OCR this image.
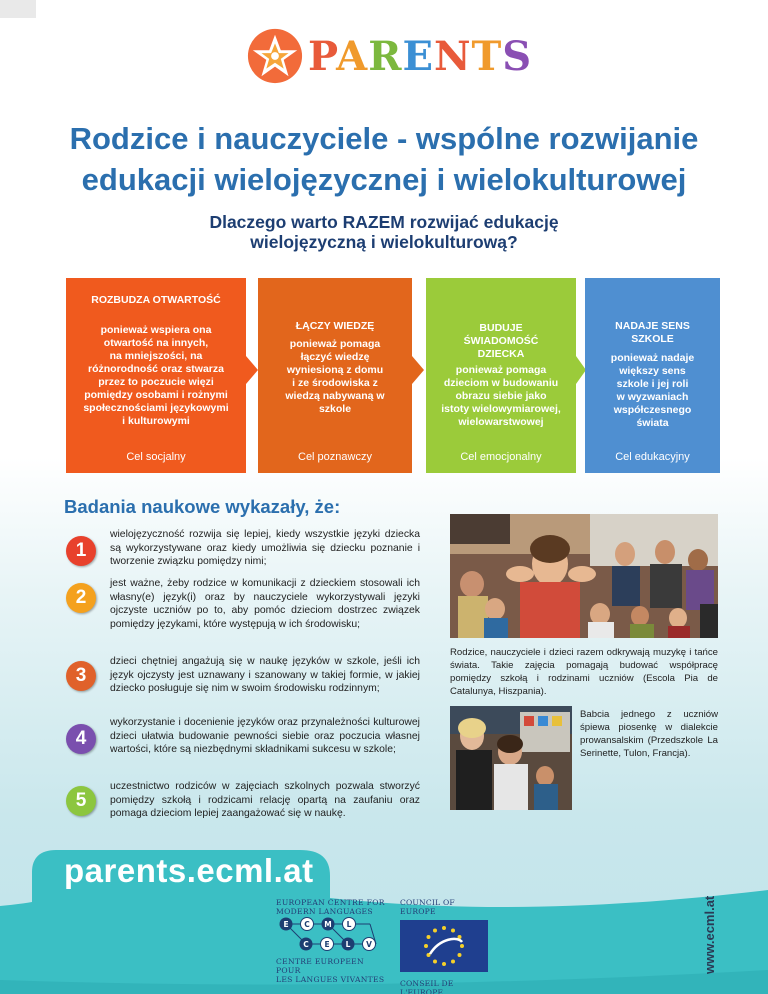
PARENTS
Rodzice i nauczyciele - wspólne rozwijanie
edukacji wielojęzycznej i wielokulturowej
Dlaczego warto RAZEM rozwijać edukację
wielojęzyczną i wielokulturową?
ROZBUDZA OTWARTOŚĆ
ponieważ wspiera ona
otwartość na innych,
na mniejszości, na
różnorodność oraz stwarza
przez to poczucie więzi
pomiędzy osobami i rożnymi
społecznościami językowymi
i kulturowymi
Cel socjalny
ŁĄCZY WIEDZĘ
ponieważ pomaga
łączyć wiedzę
wyniesioną z domu
i ze środowiska z
wiedzą nabywaną w
szkole
Cel poznawczy
BUDUJE
ŚWIADOMOŚĆ
DZIECKA
ponieważ pomaga
dzieciom w budowaniu
obrazu siebie jako
istoty wielowymiarowej,
wielowarstwowej
Cel emocjonalny
NADAJE SENS
SZKOLE
ponieważ nadaje
większy sens
szkole i jej roli
w wyzwaniach
współczesnego
świata
Cel edukacyjny
Badania naukowe wykazały, że:
1
wielojęzyczność rozwija się lepiej, kiedy wszystkie języki dziecka są wykorzystywane oraz kiedy umożliwia się dziecku poznanie i tworzenie związku pomiędzy nimi;
2
jest ważne, żeby rodzice w komunikacji z dzieckiem stosowali ich własny(e) język(i) oraz by nauczyciele wykorzystywali języki ojczyste uczniów po to, aby pomóc dzieciom dostrzec związek pomiędzy językami, które występują w ich środowisku;
3
dzieci chętniej angażują się w naukę języków w szkole, jeśli ich język ojczysty jest uznawany i szanowany w takiej formie, w jakiej dziecko posługuje się nim w swoim środowisku rodzinnym;
4
wykorzystanie i docenienie języków oraz przynależności kulturowej dzieci ułatwia budowanie pewności siebie oraz poczucia własnej wartości, które są niezbędnymi składnikami sukcesu w szkole;
5
uczestnictwo rodziców w zajęciach szkolnych pozwala stworzyć pomiędzy szkołą i rodzicami relację opartą na zaufaniu oraz pomaga dzieciom lepiej zaangażować się w naukę.
Rodzice, nauczyciele i dzieci razem odkrywają muzykę i tańce świata. Takie zajęcia pomagają budować współpracę pomiędzy szkołą i rodzinami uczniów (Escola Pia de Catalunya, Hiszpania).
Babcia jednego z uczniów śpiewa piosenkę w dialekcie prowansalskim (Przedszkole La Serinette, Tulon, Francja).
parents.ecml.at
EUROPEAN CENTRE FOR
MODERN LANGUAGES
E C M L
C E L V
CENTRE EUROPEEN POUR
LES LANGUES VIVANTES
COUNCIL OF EUROPE
CONSEIL DE L'EUROPE
www.ecml.at
